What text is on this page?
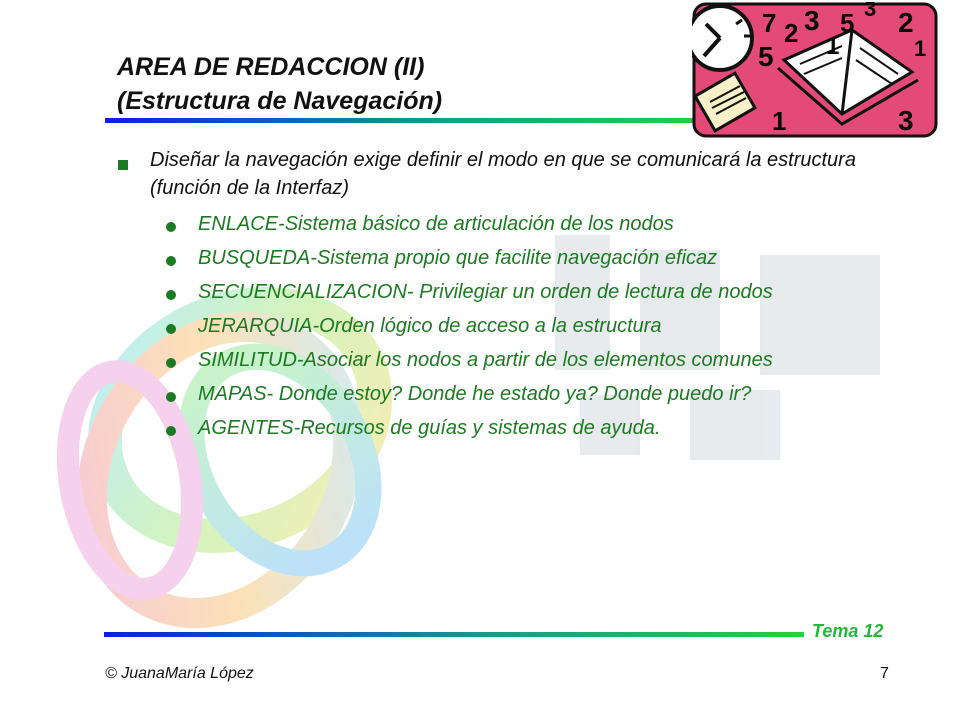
AREA DE REDACCION (II)
(Estructura de Navegación)
7 2 3 5 3 2
5 1	1
1	3
Diseñar la navegación exige definir el modo en que se comunicará la estructura (función de la Interfaz)
ENLACE-Sistema básico de articulación de los nodos
BUSQUEDA-Sistema propio que facilite navegación eficaz
SECUENCIALIZACION- Privilegiar un orden de lectura de nodos
JERARQUIA-Orden lógico de acceso a la estructura
SIMILITUD-Asociar los nodos a partir de los elementos comunes
MAPAS- Donde estoy? Donde he estado ya? Donde puedo ir?
AGENTES-Recursos de guías y sistemas de ayuda.
Tema 12
© JuanaMaría López	7
